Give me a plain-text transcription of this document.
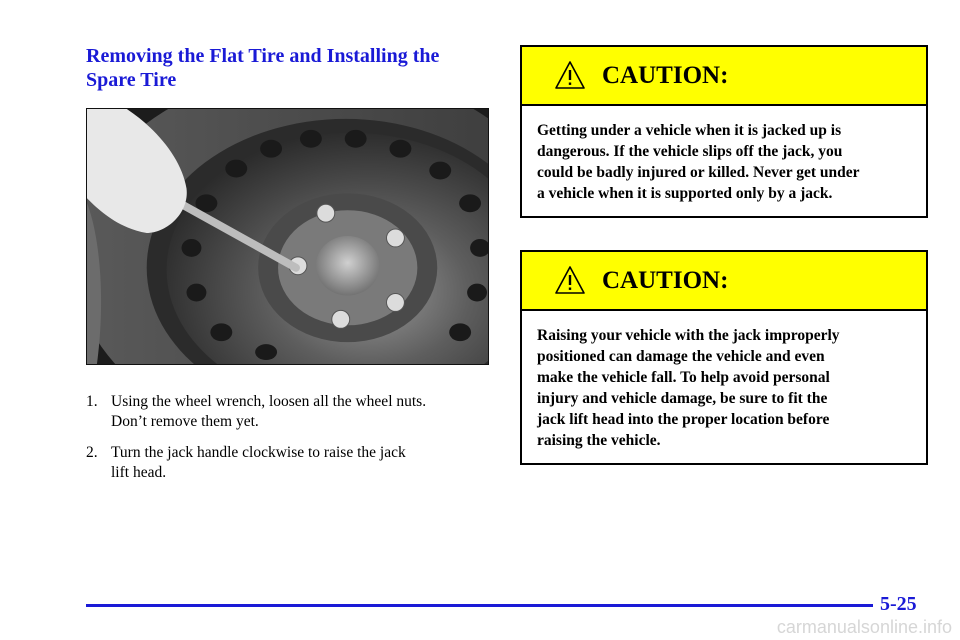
Removing the Flat Tire and Installing the
Spare Tire
1. Using the wheel wrench, loosen all the wheel nuts.
Don’t remove them yet.
2. Turn the jack handle clockwise to raise the jack
lift head.
CAUTION:
Getting under a vehicle when it is jacked up is
dangerous. If the vehicle slips off the jack, you
could be badly injured or killed. Never get under
a vehicle when it is supported only by a jack.
CAUTION:
Raising your vehicle with the jack improperly
positioned can damage the vehicle and even
make the vehicle fall. To help avoid personal
injury and vehicle damage, be sure to fit the
jack lift head into the proper location before
raising the vehicle.
5-25
carmanualsonline.info
